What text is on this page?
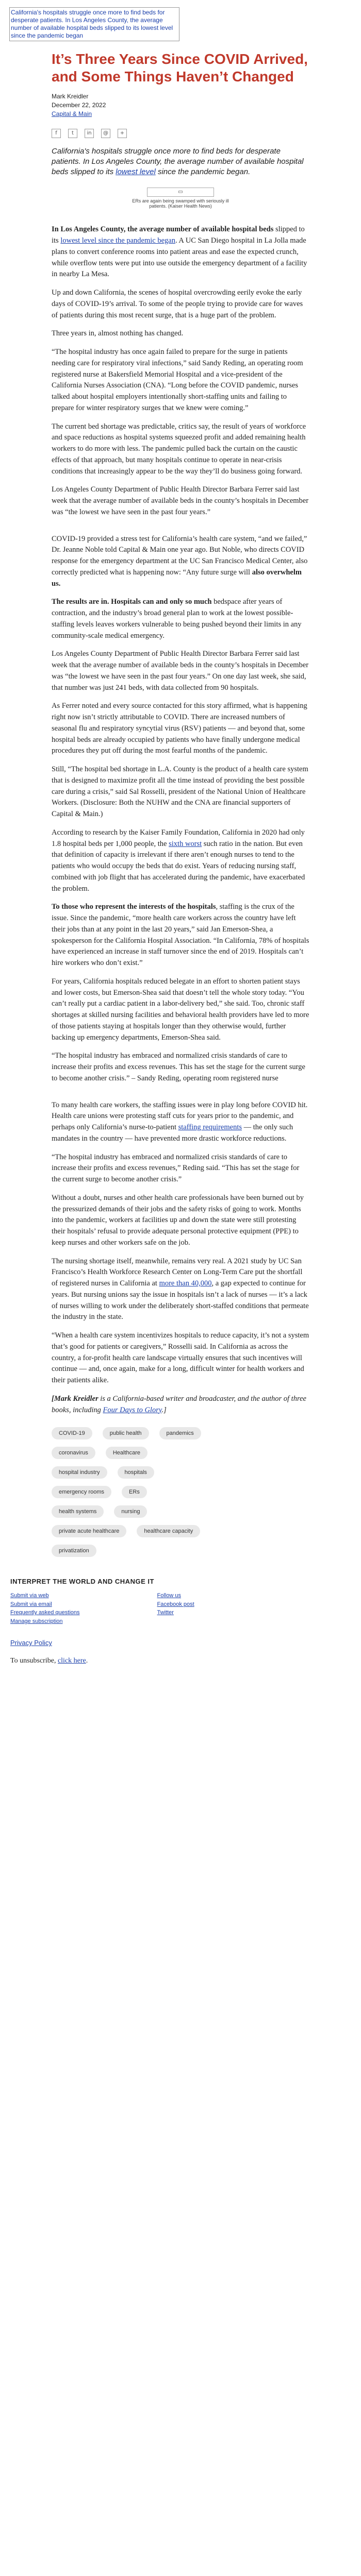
California's hospitals struggle once more to find beds for desperate patients. In Los Angeles County, the average number of available hospital beds slipped to its lowest level since the pandemic began
It’s Three Years Since COVID Arrived, and Some Things Haven’t Changed
Mark Kreidler
December 22, 2022
Capital & Main
f	t	in	@	+
California's hospitals struggle once more to find beds for desperate patients. In Los Angeles County, the average number of available hospital beds slipped to its lowest level since the pandemic began.
▭
ERs are again being swamped with seriously ill patients. (Kaiser Health News)

In Los Angeles County, the average number of available hospital beds slipped to its lowest level since the pandemic began. A UC San Diego hospital in La Jolla made plans to convert conference rooms into patient areas and ease the expected crunch, while overflow tents were put into use outside the emergency department of a facility in nearby La Mesa.

Up and down California, the scenes of hospital overcrowding eerily evoke the early days of COVID-19’s arrival. To some of the people trying to provide care for waves of patients during this most recent surge, that is a huge part of the problem.

Three years in, almost nothing has changed.

“The hospital industry has once again failed to prepare for the surge in patients needing care for respiratory viral infections,” said Sandy Reding, an operating room registered nurse at Bakersfield Memorial Hospital and a vice-president of the California Nurses Association (CNA). “Long before the COVID pandemic, nurses talked about hospital employers intentionally short-staffing units and failing to prepare for winter respiratory surges that we knew were coming.”

The current bed shortage was predictable, critics say, the result of years of workforce and space reductions as hospital systems squeezed profit and added remaining health workers to do more with less. The pandemic pulled back the curtain on the caustic effects of that approach, but many hospitals continue to operate in near-crisis conditions that increasingly appear to be the way they’ll do business going forward.

Los Angeles County Department of Public Health Director Barbara Ferrer said last week that the average number of available beds in the county’s hospitals in December was “the lowest we have seen in the past four years.”

COVID-19 provided a stress test for California’s health care system, “and we failed,” Dr. Jeanne Noble told Capital & Main one year ago. But Noble, who directs COVID response for the emergency department at the UC San Francisco Medical Center, also correctly predicted what is happening now: “Any future surge will also overwhelm us.

The results are in. Hospitals can and only so much bedspace after years of contraction, and the industry’s broad general plan to work at the lowest possible-staffing levels leaves workers vulnerable to being pushed beyond their limits in any community-scale medical emergency.

Los Angeles County Department of Public Health Director Barbara Ferrer said last week that the average number of available beds in the county’s hospitals in December was “the lowest we have seen in the past four years.” On one day last week, she said, that number was just 241 beds, with data collected from 90 hospitals.

As Ferrer noted and every source contacted for this story affirmed, what is happening right now isn’t strictly attributable to COVID. There are increased numbers of seasonal flu and respiratory syncytial virus (RSV) patients — and beyond that, some hospital beds are already occupied by patients who have finally undergone medical procedures they put off during the most fearful months of the pandemic.

Still, “The hospital bed shortage in L.A. County is the product of a health care system that is designed to maximize profit all the time instead of providing the best possible care during a crisis,” said Sal Rosselli, president of the National Union of Healthcare Workers. (Disclosure: Both the NUHW and the CNA are financial supporters of Capital & Main.)

According to research by the Kaiser Family Foundation, California in 2020 had only 1.8 hospital beds per 1,000 people, the sixth worst such ratio in the nation. But even that definition of capacity is irrelevant if there aren’t enough nurses to tend to the patients who would occupy the beds that do exist. Years of reducing nursing staff, combined with job flight that has accelerated during the pandemic, have exacerbated the problem.

To those who represent the interests of the hospitals, staffing is the crux of the issue. Since the pandemic, “more health care workers across the country have left their jobs than at any point in the last 20 years,” said Jan Emerson-Shea, a spokesperson for the California Hospital Association. “In California, 78% of hospitals have experienced an increase in staff turnover since the end of 2019. Hospitals can’t hire workers who don’t exist.”

For years, California hospitals reduced belegate in an effort to shorten patient stays and lower costs, but Emerson-Shea said that doesn’t tell the whole story today. “You can’t really put a cardiac patient in a labor-delivery bed,” she said. Too, chronic staff shortages at skilled nursing facilities and behavioral health providers have led to more of those patients staying at hospitals longer than they otherwise would, further backing up emergency departments, Emerson-Shea said.

“The hospital industry has embraced and normalized crisis standards of care to increase their profits and excess revenues. This has set the stage for the current surge to become another crisis.” – Sandy Reding, operating room registered nurse

To many health care workers, the staffing issues were in play long before COVID hit. Health care unions were protesting staff cuts for years prior to the pandemic, and perhaps only California’s nurse-to-patient staffing requirements — the only such mandates in the country — have prevented more drastic workforce reductions.

“The hospital industry has embraced and normalized crisis standards of care to increase their profits and excess revenues,” Reding said. “This has set the stage for the current surge to become another crisis.”

Without a doubt, nurses and other health care professionals have been burned out by the pressurized demands of their jobs and the safety risks of going to work. Months into the pandemic, workers at facilities up and down the state were still protesting their hospitals’ refusal to provide adequate personal protective equipment (PPE) to keep nurses and other workers safe on the job.

The nursing shortage itself, meanwhile, remains very real. A 2021 study by UC San Francisco’s Health Workforce Research Center on Long-Term Care put the shortfall of registered nurses in California at more than 40,000, a gap expected to continue for years. But nursing unions say the issue in hospitals isn’t a lack of nurses — it’s a lack of nurses willing to work under the deliberately short-staffed conditions that permeate the industry in the state.

“When a health care system incentivizes hospitals to reduce capacity, it’s not a system that’s good for patients or caregivers,” Rosselli said. In California as across the country, a for-profit health care landscape virtually ensures that such incentives will continue — and, once again, make for a long, difficult winter for health workers and their patients alike.

[Mark Kreidler is a California-based writer and broadcaster, and the author of three books, including Four Days to Glory.]

COVID-19	public health	pandemics
coronavirus	Healthcare
hospital industry	hospitals
emergency rooms	ERs
health systems	nursing
private acute healthcare	healthcare capacity
privatization
INTERPRET THE WORLD AND CHANGE IT
Submit via web
Submit via email
Frequently asked questions
Manage subscription
Follow us
Facebook post
Twitter
Privacy Policy
To unsubscribe, click here.
